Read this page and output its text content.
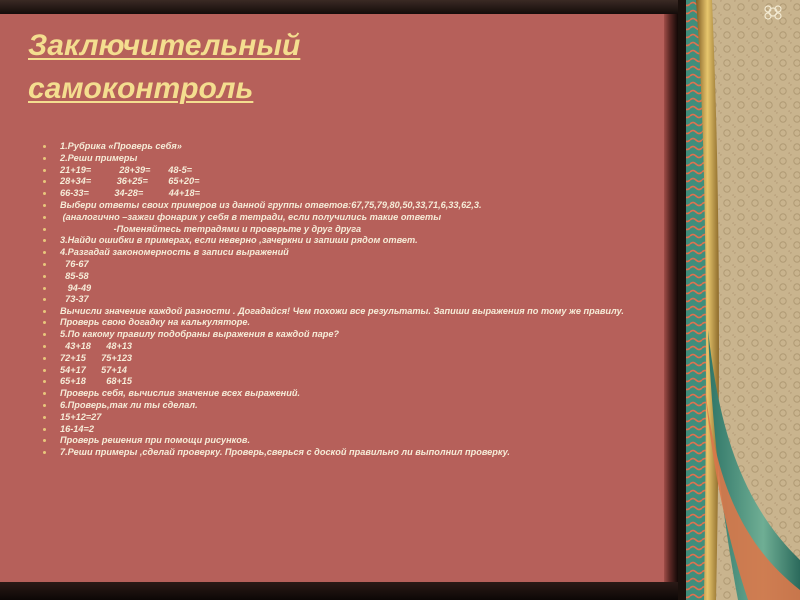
Заключительный
самоконтроль
1.Рубрика «Проверь себя»
2.Реши примеры
21+19=           28+39=       48-5=
28+34=          36+25=        65+20=
66-33=          34-28=          44+18=
Выбери ответы своих примеров из данной группы ответов:67,75,79,80,50,33,71,6,33,62,3.
(аналогично –зажги фонарик у себя в тетради, если получились такие ответы
-Поменяйтесь тетрадями и проверьте у друг друга
3.Найди ошибки в примерах, если неверно ,зачеркни и запиши рядом ответ.
4.Разгадай закономерность в записи выражений
76-67
85-58
94-49
73-37
Вычисли значение каждой разности . Догадайся! Чем похожи все результаты. Запиши выражения по тому же правилу.
Проверь свою догадку на калькуляторе.
5.По какому правилу подобраны выражения в каждой паре?
43+18      48+13
72+15      75+123
54+17      57+14
65+18        68+15
Проверь себя, вычислив значение всех выражений.
6.Проверь,так ли ты сделал.
15+12=27
16-14=2
Проверь решения при помощи рисунков.
7.Реши примеры ,сделай проверку. Проверь,сверься с доской правильно ли выполнил проверку.
